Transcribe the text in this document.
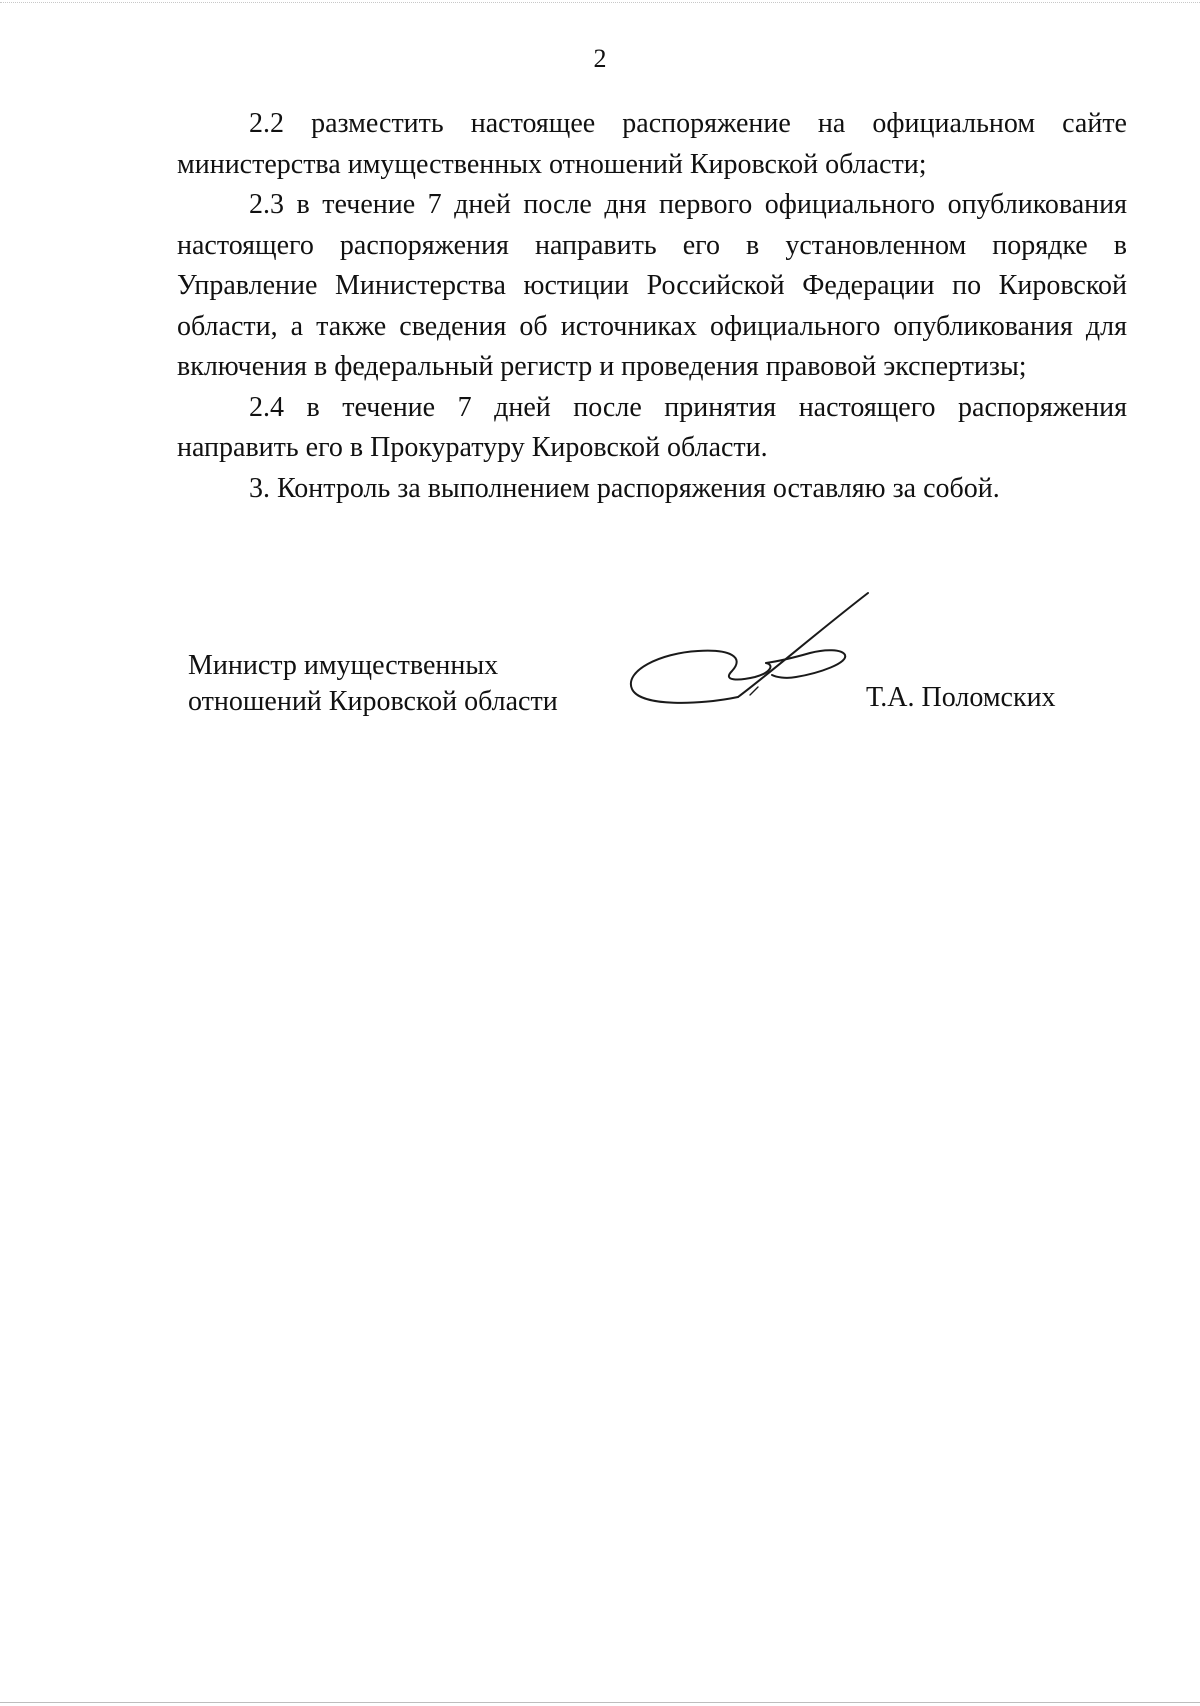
2

2.2 разместить настоящее распоряжение на официальном сайте министерства имущественных отношений Кировской области;

2.3 в течение 7 дней после дня первого официального опубликования настоящего распоряжения направить его в установленном порядке в Управление Министерства юстиции Российской Федерации по Кировской области, а также сведения об источниках официального опубликования для включения в федеральный регистр и проведения правовой экспертизы;

2.4 в течение 7 дней после принятия настоящего распоряжения направить его в Прокуратуру Кировской области.

3. Контроль за выполнением распоряжения оставляю за собой.

Министр имущественных
отношений Кировской области	Т.А. Поломских
